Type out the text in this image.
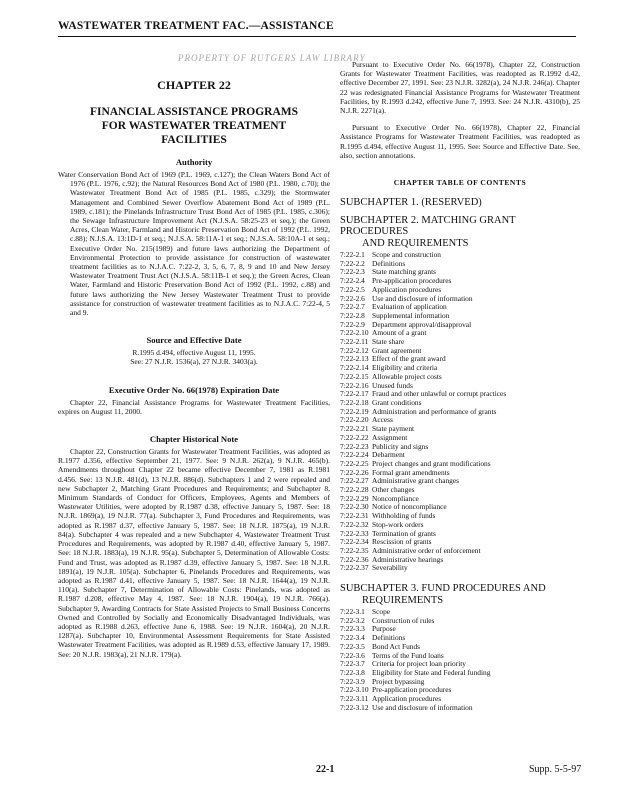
WASTEWATER TREATMENT FAC.—ASSISTANCE
PROPERTY OF RUTGERS LAW LIBRARY
CHAPTER 22
FINANCIAL ASSISTANCE PROGRAMS
FOR WASTEWATER TREATMENT
FACILITIES
Authority

Water Conservation Bond Act of 1969 (P.L. 1969, c.127); the Clean Waters Bond Act of 1976 (P.L. 1976, c.92); the Natural Resources Bond Act of 1980 (P.L. 1980, c.70); the Wastewater Treatment Bond Act of 1985 (P.L. 1985, c.329); the Stormwater Management and Combined Sewer Overflow Abatement Bond Act of 1989 (P.L. 1989, c.181); the Pinelands Infrastructure Trust Bond Act of 1985 (P.L. 1985, c.306); the Sewage Infrastructure Improvement Act (N.J.S.A. 58:25-23 et seq.); the Green Acres, Clean Water, Farmland and Historic Preservation Bond Act of 1992 (P.L. 1992, c.88); N.J.S.A. 13:1D-1 et seq.; N.J.S.A. 58:11A-1 et seq.; N.J.S.A. 58:10A-1 et seq.; Executive Order No. 215(1989) and future laws authorizing the Department of Environmental Protection to provide assistance for construction of wastewater treatment facilities as to N.J.A.C. 7:22-2, 3, 5, 6, 7, 8, 9 and 10 and New Jersey Wastewater Treatment Trust Act (N.J.S.A. 58:11B-1 et seq.); the Green Acres, Clean Water, Farmland and Historic Preservation Bond Act of 1992 (P.L. 1992, c.88) and future laws authorizing the New Jersey Wastewater Treatment Trust to provide assistance for construction of wastewater treatment facilities as to N.J.A.C. 7:22-4, 5 and 9.

Source and Effective Date

R.1995 d.494, effective August 11, 1995.

See: 27 N.J.R. 1536(a), 27 N.J.R. 3403(a).

Executive Order No. 66(1978) Expiration Date

Chapter 22, Financial Assistance Programs for Wastewater Treatment Facilities, expires on August 11, 2000.

Chapter Historical Note

Chapter 22, Construction Grants for Wastewater Treatment Facilities, was adopted as R.1977 d.356, effective September 21, 1977. See: 9 N.J.R. 262(a), 9 N.J.R. 465(b). Amendments throughout Chapter 22 became effective December 7, 1981 as R.1981 d.456. See: 13 N.J.R. 481(d), 13 N.J.R. 886(d). Subchapters 1 and 2 were repealed and new Subchapter 2, Matching Grant Procedures and Requirements; and Subchapter 8, Minimum Standards of Conduct for Officers, Employees, Agents and Members of Wastewater Utilities, were adopted by R.1987 d.38, effective January 5, 1987. See: 18 N.J.R. 1869(a), 19 N.J.R. 77(a). Subchapter 3, Fund Procedures and Requirements, was adopted as R.1987 d.37, effective January 5, 1987. See: 18 N.J.R. 1875(a), 19 N.J.R. 84(a). Subchapter 4 was repealed and a new Subchapter 4, Wastewater Treatment Trust Procedures and Requirements, was adopted by R.1987 d.40, effective January 5, 1987. See: 18 N.J.R. 1883(a), 19 N.J.R. 95(a). Subchapter 5, Determination of Allowable Costs: Fund and Trust, was adopted as R.1987 d.39, effective January 5, 1987. See: 18 N.J.R. 1891(a), 19 N.J.R. 105(a). Subchapter 6, Pinelands Procedures and Requirements, was adopted as R.1987 d.41, effective January 5, 1987. See: 18 N.J.R. 1644(a), 19 N.J.R. 110(a). Subchapter 7, Determination of Allowable Costs: Pinelands, was adopted as R.1987 d.208, effective May 4, 1987. See: 18 N.J.R. 1904(a), 19 N.J.R. 766(a). Subchapter 9, Awarding Contracts for State Assisted Projects to Small Business Concerns Owned and Controlled by Socially and Economically Disadvantaged Individuals, was adopted as R.1988 d.263, effective June 6, 1988. See: 19 N.J.R. 1604(a), 20 N.J.R. 1287(a). Subchapter 10, Environmental Assessment Requirements for State Assisted Wastewater Treatment Facilities, was adopted as R.1989 d.53, effective January 17, 1989. See: 20 N.J.R. 1983(a), 21 N.J.R. 179(a).

Pursuant to Executive Order No. 66(1978), Chapter 22, Construction Grants for Wastewater Treatment Facilities, was readopted as R.1992 d.42, effective December 27, 1991. See: 23 N.J.R. 3282(a), 24 N.J.R. 246(a). Chapter 22 was redesignated Financial Assistance Programs for Wastewater Treatment Facilities, by R.1993 d.242, effective June 7, 1993. See: 24 N.J.R. 4310(b), 25 N.J.R. 2271(a).

Pursuant to Executive Order No. 66(1978), Chapter 22, Financial Assistance Programs for Wastewater Treatment Facilities, was readopted as R.1995 d.494, effective August 11, 1995. See: Source and Effective Date. See, also, section annotations.

CHAPTER TABLE OF CONTENTS
SUBCHAPTER 1. (RESERVED)
SUBCHAPTER 2. MATCHING GRANT PROCEDURES
AND REQUIREMENTS
7:22-2.1 Scope and construction
7:22-2.2 Definitions
7:22-2.3 State matching grants
7:22-2.4 Pre-application procedures
7:22-2.5 Application procedures
7:22-2.6 Use and disclosure of information
7:22-2.7 Evaluation of application
7:22-2.8 Supplemental information
7:22-2.9 Department approval/disapproval
7:22-2.10 Amount of a grant
7:22-2.11 State share
7:22-2.12 Grant agreement
7:22-2.13 Effect of the grant award
7:22-2.14 Eligibility and criteria
7:22-2.15 Allowable project costs
7:22-2.16 Unused funds
7:22-2.17 Fraud and other unlawful or corrupt practices
7:22-2.18 Grant conditions
7:22-2.19 Administration and performance of grants
7:22-2.20 Access
7:22-2.21 State payment
7:22-2.22 Assignment
7:22-2.23 Publicity and signs
7:22-2.24 Debarment
7:22-2.25 Project changes and grant modifications
7:22-2.26 Formal grant amendments
7:22-2.27 Administrative grant changes
7:22-2.28 Other changes
7:22-2.29 Noncompliance
7:22-2.30 Notice of noncompliance
7:22-2.31 Withholding of funds
7:22-2.32 Stop-work orders
7:22-2.33 Termination of grants
7:22-2.34 Rescission of grants
7:22-2.35 Administrative order of enforcement
7:22-2.36 Administrative hearings
7:22-2.37 Severability
SUBCHAPTER 3. FUND PROCEDURES AND
REQUIREMENTS
7:22-3.1 Scope
7:22-3.2 Construction of rules
7:22-3.3 Purpose
7:22-3.4 Definitions
7:22-3.5 Bond Act Funds
7:22-3.6 Terms of the Fund loans
7:22-3.7 Criteria for project loan priority
7:22-3.8 Eligibility for State and Federal funding
7:22-3.9 Project bypassing
7:22-3.10 Pre-application procedures
7:22-3.11 Application procedures
7:22-3.12 Use and disclosure of information
22-1	Supp. 5-5-97
